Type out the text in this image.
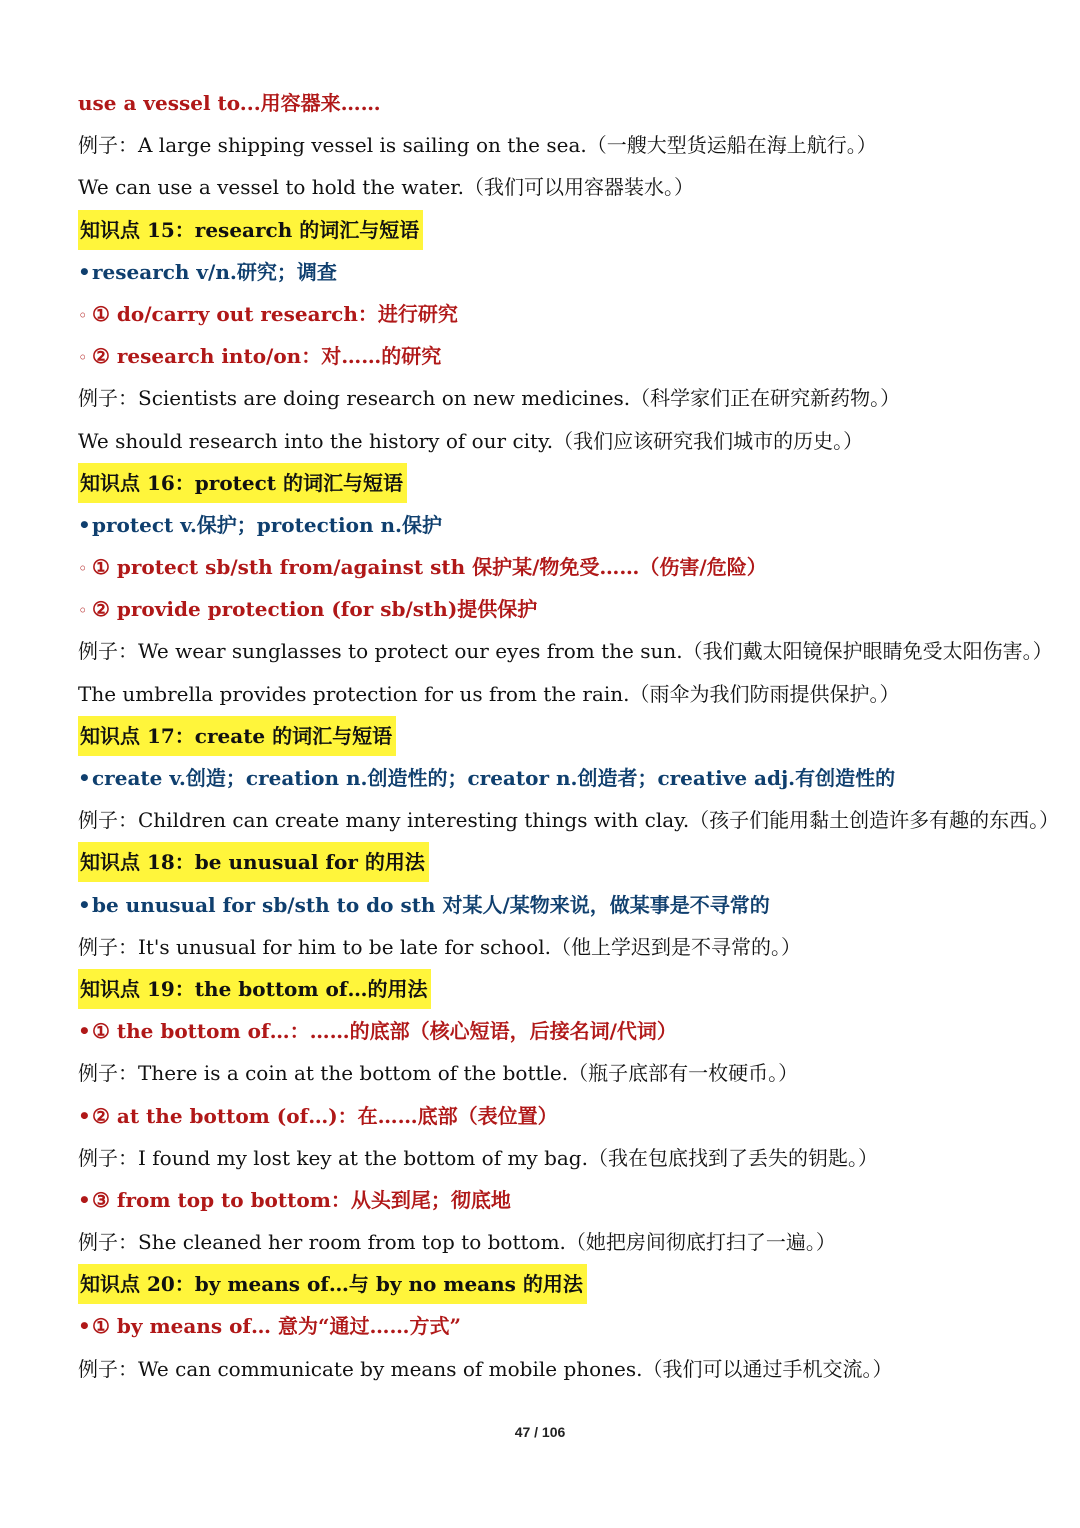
use a vessel to...用容器来……
例子：A large shipping vessel is sailing on the sea.（一艘大型货运船在海上航行。）
We can use a vessel to hold the water.（我们可以用容器装水。）
知识点 15：research 的词汇与短语
•research v/n.研究；调查
◦ ① do/carry out research：进行研究
◦ ② research into/on：对……的研究
例子：Scientists are doing research on new medicines.（科学家们正在研究新药物。）
We should research into the history of our city.（我们应该研究我们城市的历史。）
知识点 16：protect 的词汇与短语
•protect v.保护；protection n.保护
◦ ① protect sb/sth from/against sth 保护某/物免受……（伤害/危险）
◦ ② provide protection (for sb/sth)提供保护
例子：We wear sunglasses to protect our eyes from the sun.（我们戴太阳镜保护眼睛免受太阳伤害。）
The umbrella provides protection for us from the rain.（雨伞为我们防雨提供保护。）
知识点 17：create 的词汇与短语
•create v.创造；creation n.创造性的；creator n.创造者；creative adj.有创造性的
例子：Children can create many interesting things with clay.（孩子们能用黏土创造许多有趣的东西。）
知识点 18：be unusual for 的用法
•be unusual for sb/sth to do sth 对某人/某物来说，做某事是不寻常的
例子：It's unusual for him to be late for school.（他上学迟到是不寻常的。）
知识点 19：the bottom of…的用法
•① the bottom of…：……的底部（核心短语，后接名词/代词）
例子：There is a coin at the bottom of the bottle.（瓶子底部有一枚硬币。）
•② at the bottom (of…)：在……底部（表位置）
例子：I found my lost key at the bottom of my bag.（我在包底找到了丢失的钥匙。）
•③ from top to bottom：从头到尾；彻底地
例子：She cleaned her room from top to bottom.（她把房间彻底打扫了一遍。）
知识点 20：by means of…与 by no means 的用法
•① by means of… 意为“通过……方式”
例子：We can communicate by means of mobile phones.（我们可以通过手机交流。）
47 / 106
